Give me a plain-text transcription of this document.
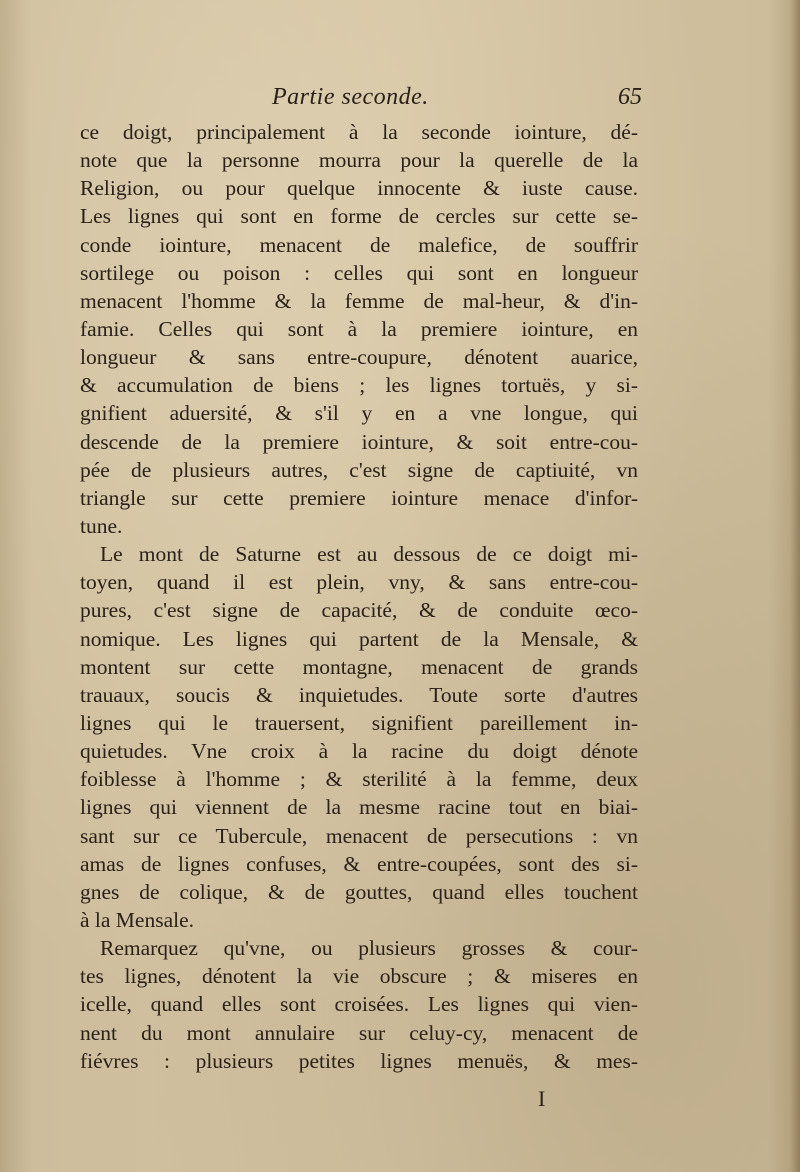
Partie seconde.	65
ce doigt, principalement à la seconde iointure, dé-
note que la personne mourra pour la querelle de la
Religion, ou pour quelque innocente & iuste cause.
Les lignes qui sont en forme de cercles sur cette se-
conde iointure, menacent de malefice, de souffrir
sortilege ou poison : celles qui sont en longueur
menacent l'homme & la femme de mal-heur, & d'in-
famie. Celles qui sont à la premiere iointure, en
longueur & sans entre-coupure, dénotent auarice,
& accumulation de biens ; les lignes tortuës, y si-
gnifient aduersité, & s'il y en a vne longue, qui
descende de la premiere iointure, & soit entre-cou-
pée de plusieurs autres, c'est signe de captiuité, vn
triangle sur cette premiere iointure menace d'infor-
tune.
Le mont de Saturne est au dessous de ce doigt mi-
toyen, quand il est plein, vny, & sans entre-cou-
pures, c'est signe de capacité, & de conduite œco-
nomique. Les lignes qui partent de la Mensale, &
montent sur cette montagne, menacent de grands
trauaux, soucis & inquietudes. Toute sorte d'autres
lignes qui le trauersent, signifient pareillement in-
quietudes. Vne croix à la racine du doigt dénote
foiblesse à l'homme ; & sterilité à la femme, deux
lignes qui viennent de la mesme racine tout en biai-
sant sur ce Tubercule, menacent de persecutions : vn
amas de lignes confuses, & entre-coupées, sont des si-
gnes de colique, & de gouttes, quand elles touchent
à la Mensale.
Remarquez qu'vne, ou plusieurs grosses & cour-
tes lignes, dénotent la vie obscure ; & miseres en
icelle, quand elles sont croisées. Les lignes qui vien-
nent du mont annulaire sur celuy-cy, menacent de
fiévres : plusieurs petites lignes menuës, & mes-
I
